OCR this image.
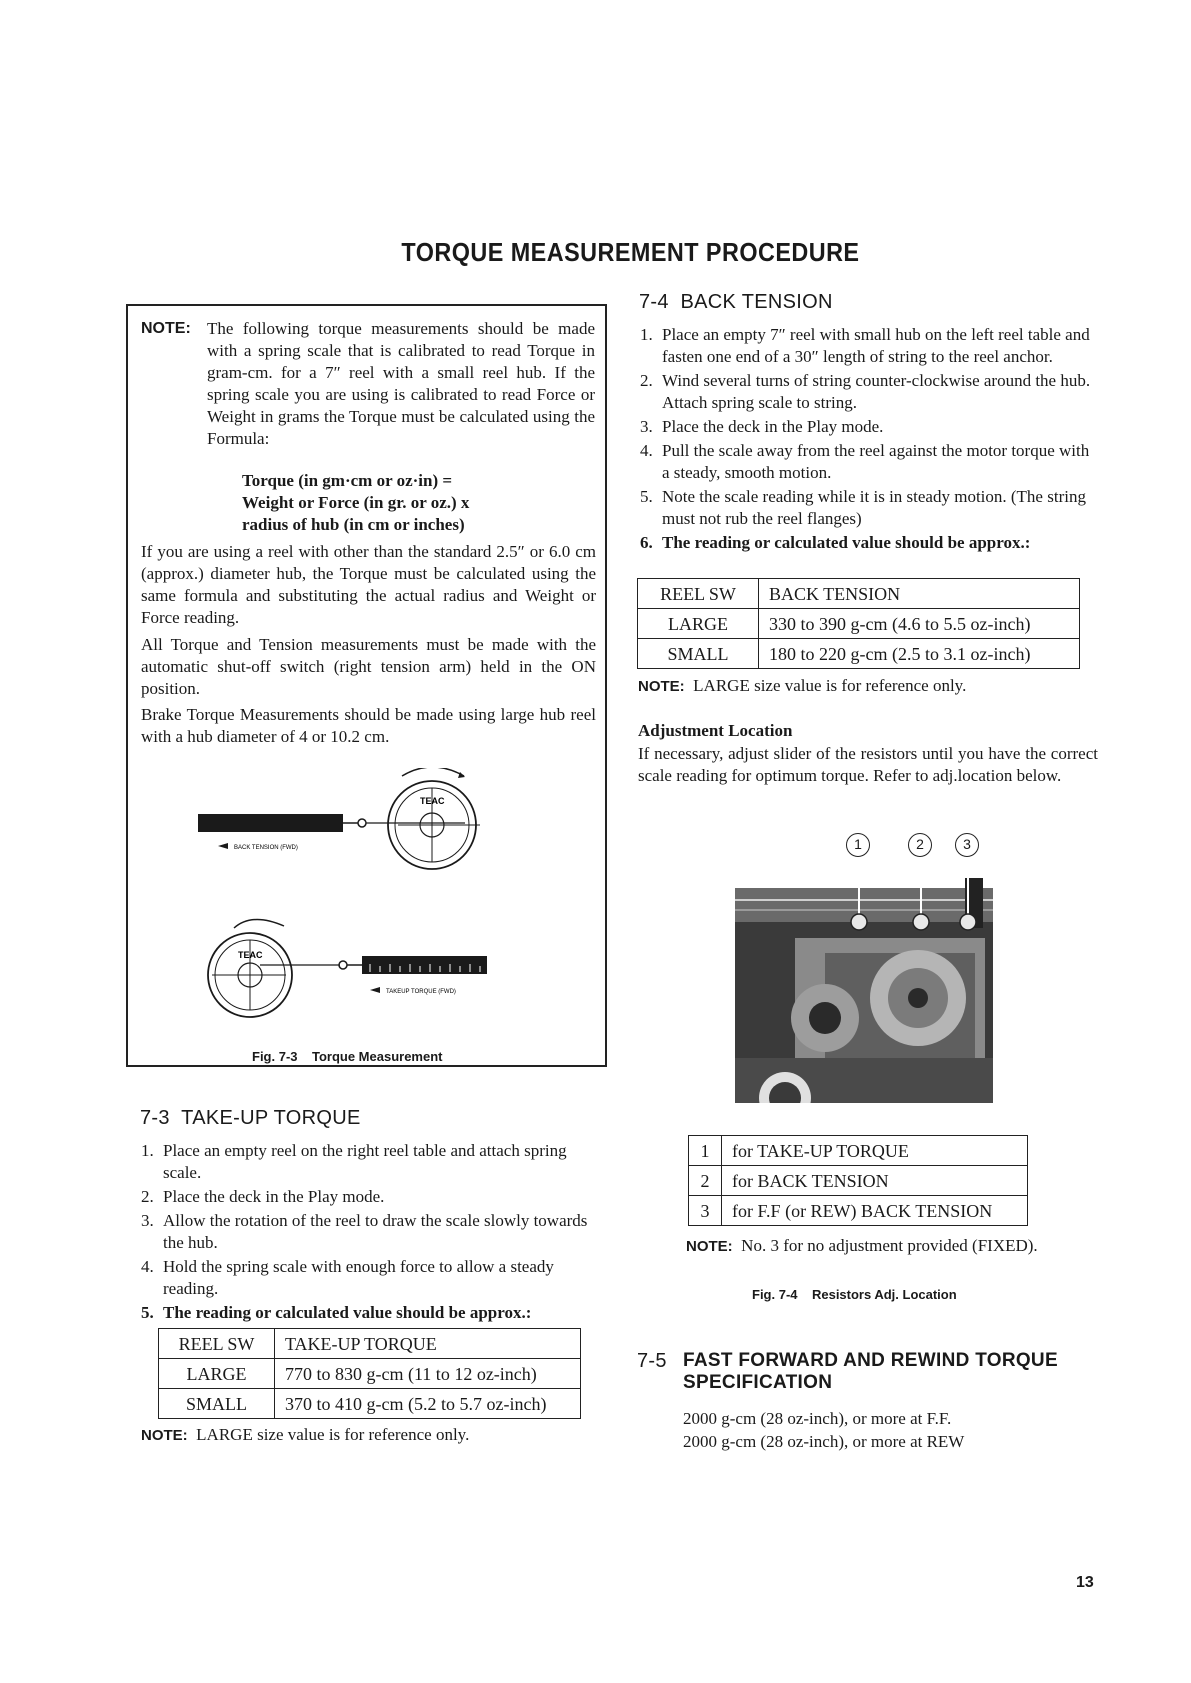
TORQUE MEASUREMENT PROCEDURE
NOTE: The following torque measurements should be made with a spring scale that is calibrated to read Torque in gram-cm. for a 7″ reel with a small reel hub. If the spring scale you are using is calibrated to read Force or Weight in grams the Torque must be calculated using the Formula:
Torque (in gm·cm or oz·in) =
Weight or Force (in gr. or oz.) x
radius of hub (in cm or inches)
If you are using a reel with other than the standard 2.5″ or 6.0 cm (approx.) diameter hub, the Torque must be calculated using the same formula and substituting the actual radius and Weight or Force reading.
All Torque and Tension measurements must be made with the automatic shut-off switch (right tension arm) held in the ON position.
Brake Torque Measurements should be made using large hub reel with a hub diameter of 4 or 10.2 cm.
TEAC
BACK TENSION (FWD)
TEAC
TAKEUP TORQUE (FWD)
Fig. 7-3 Torque Measurement
7-3 TAKE-UP TORQUE
1. Place an empty reel on the right reel table and attach spring scale.
2. Place the deck in the Play mode.
3. Allow the rotation of the reel to draw the scale slowly towards the hub.
4. Hold the spring scale with enough force to allow a steady reading.
5. The reading or calculated value should be approx.:
REEL SW	TAKE-UP TORQUE
LARGE	770 to 830 g-cm (11 to 12 oz-inch)
SMALL	370 to 410 g-cm (5.2 to 5.7 oz-inch)
NOTE: LARGE size value is for reference only.
7-4 BACK TENSION
1. Place an empty 7″ reel with small hub on the left reel table and fasten one end of a 30″ length of string to the reel anchor.
2. Wind several turns of string counter-clockwise around the hub. Attach spring scale to string.
3. Place the deck in the Play mode.
4. Pull the scale away from the reel against the motor torque with a steady, smooth motion.
5. Note the scale reading while it is in steady motion. (The string must not rub the reel flanges)
6. The reading or calculated value should be approx.:
REEL SW	BACK TENSION
LARGE	330 to 390 g-cm (4.6 to 5.5 oz-inch)
SMALL	180 to 220 g-cm (2.5 to 3.1 oz-inch)
NOTE: LARGE size value is for reference only.
Adjustment Location
If necessary, adjust slider of the resistors until you have the correct scale reading for optimum torque. Refer to adj.location below.
1	2	3
1	for TAKE-UP TORQUE
2	for BACK TENSION
3	for F.F (or REW) BACK TENSION
NOTE: No. 3 for no adjustment provided (FIXED).
Fig. 7-4 Resistors Adj. Location
7-5 FAST FORWARD AND REWIND TORQUE
SPECIFICATION
2000 g-cm (28 oz-inch), or more at F.F.
2000 g-cm (28 oz-inch), or more at REW
13
